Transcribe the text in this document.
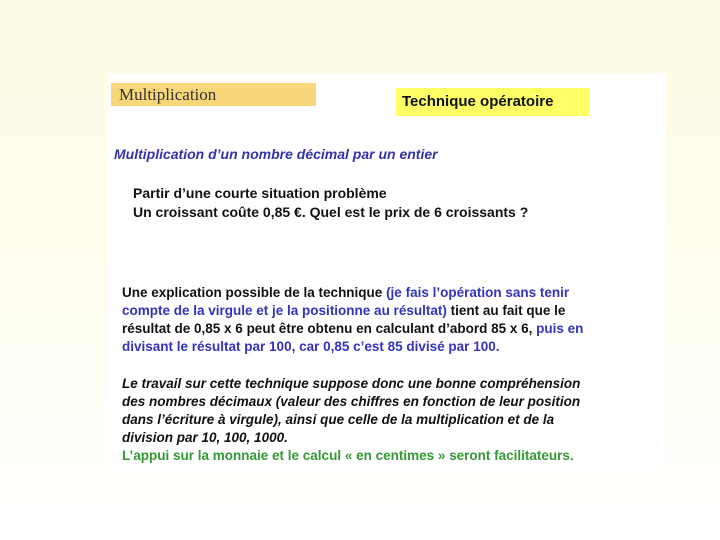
Multiplication	Technique opératoire
Multiplication d’un nombre décimal par un entier
Partir d’une courte situation problème
Un croissant coûte 0,85 €. Quel est le prix de 6 croissants ?
Une explication possible de la technique (je fais l’opération sans tenir
compte de la virgule et je la positionne au résultat) tient au fait que le
résultat de 0,85 x 6 peut être obtenu en calculant d’abord 85 x 6, puis en
divisant le résultat par 100, car 0,85 c’est 85 divisé par 100.
Le travail sur cette technique suppose donc une bonne compréhension
des nombres décimaux (valeur des chiffres en fonction de leur position
dans l’écriture à virgule), ainsi que celle de la multiplication et de la
division par 10, 100, 1000.
L’appui sur la monnaie et le calcul « en centimes » seront facilitateurs.
